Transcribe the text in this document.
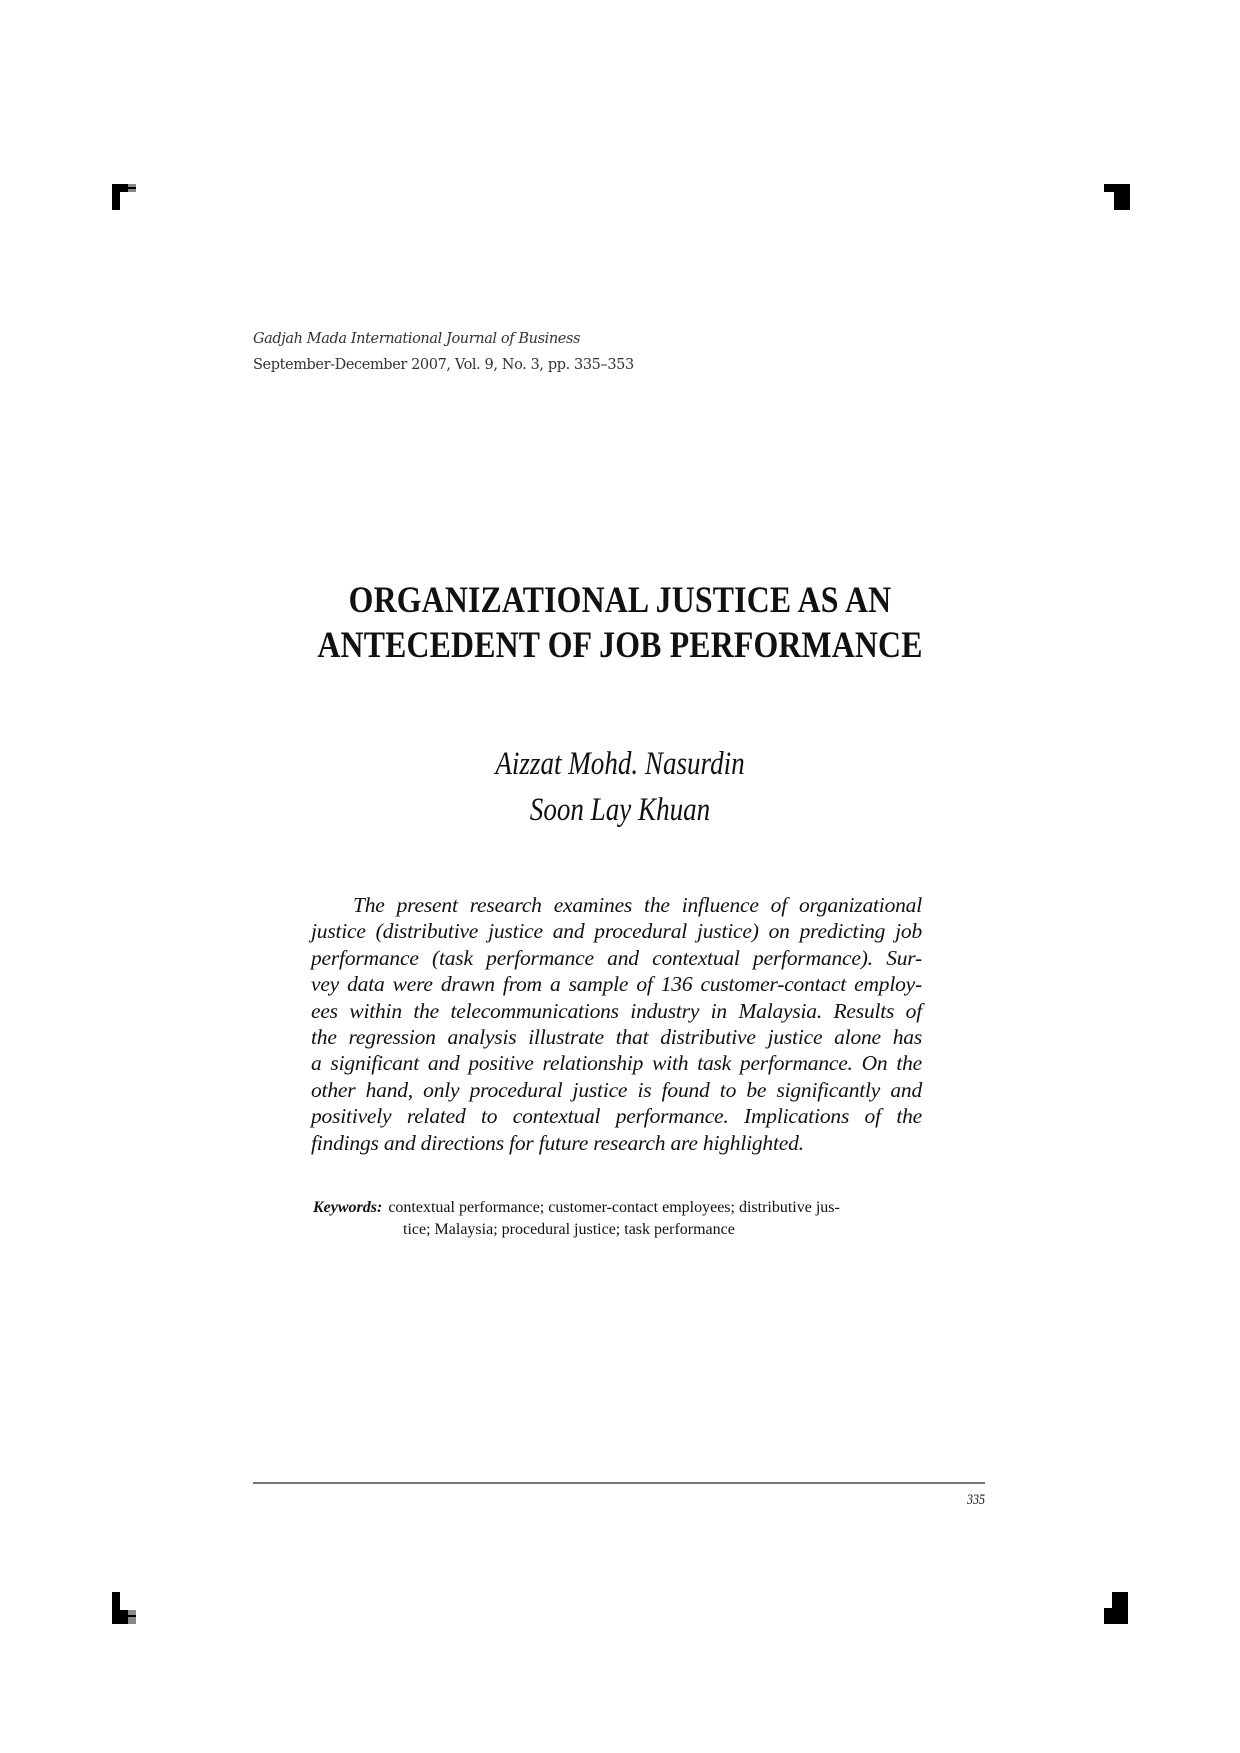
Gadjah Mada International Journal of Business
September-December 2007, Vol. 9, No. 3, pp. 335–353
ORGANIZATIONAL JUSTICE AS AN
ANTECEDENT OF JOB PERFORMANCE
Aizzat Mohd. Nasurdin
Soon Lay Khuan
The present research examines the influence of organizational
justice (distributive justice and procedural justice) on predicting job
performance (task performance and contextual performance). Sur-
vey data were drawn from a sample of 136 customer-contact employ-
ees within the telecommunications industry in Malaysia. Results of
the regression analysis illustrate that distributive justice alone has
a significant and positive relationship with task performance. On the
other hand, only procedural justice is found to be significantly and
positively related to contextual performance. Implications of the
findings and directions for future research are highlighted.
Keywords: contextual performance; customer-contact employees; distributive jus-
tice; Malaysia; procedural justice; task performance
335
